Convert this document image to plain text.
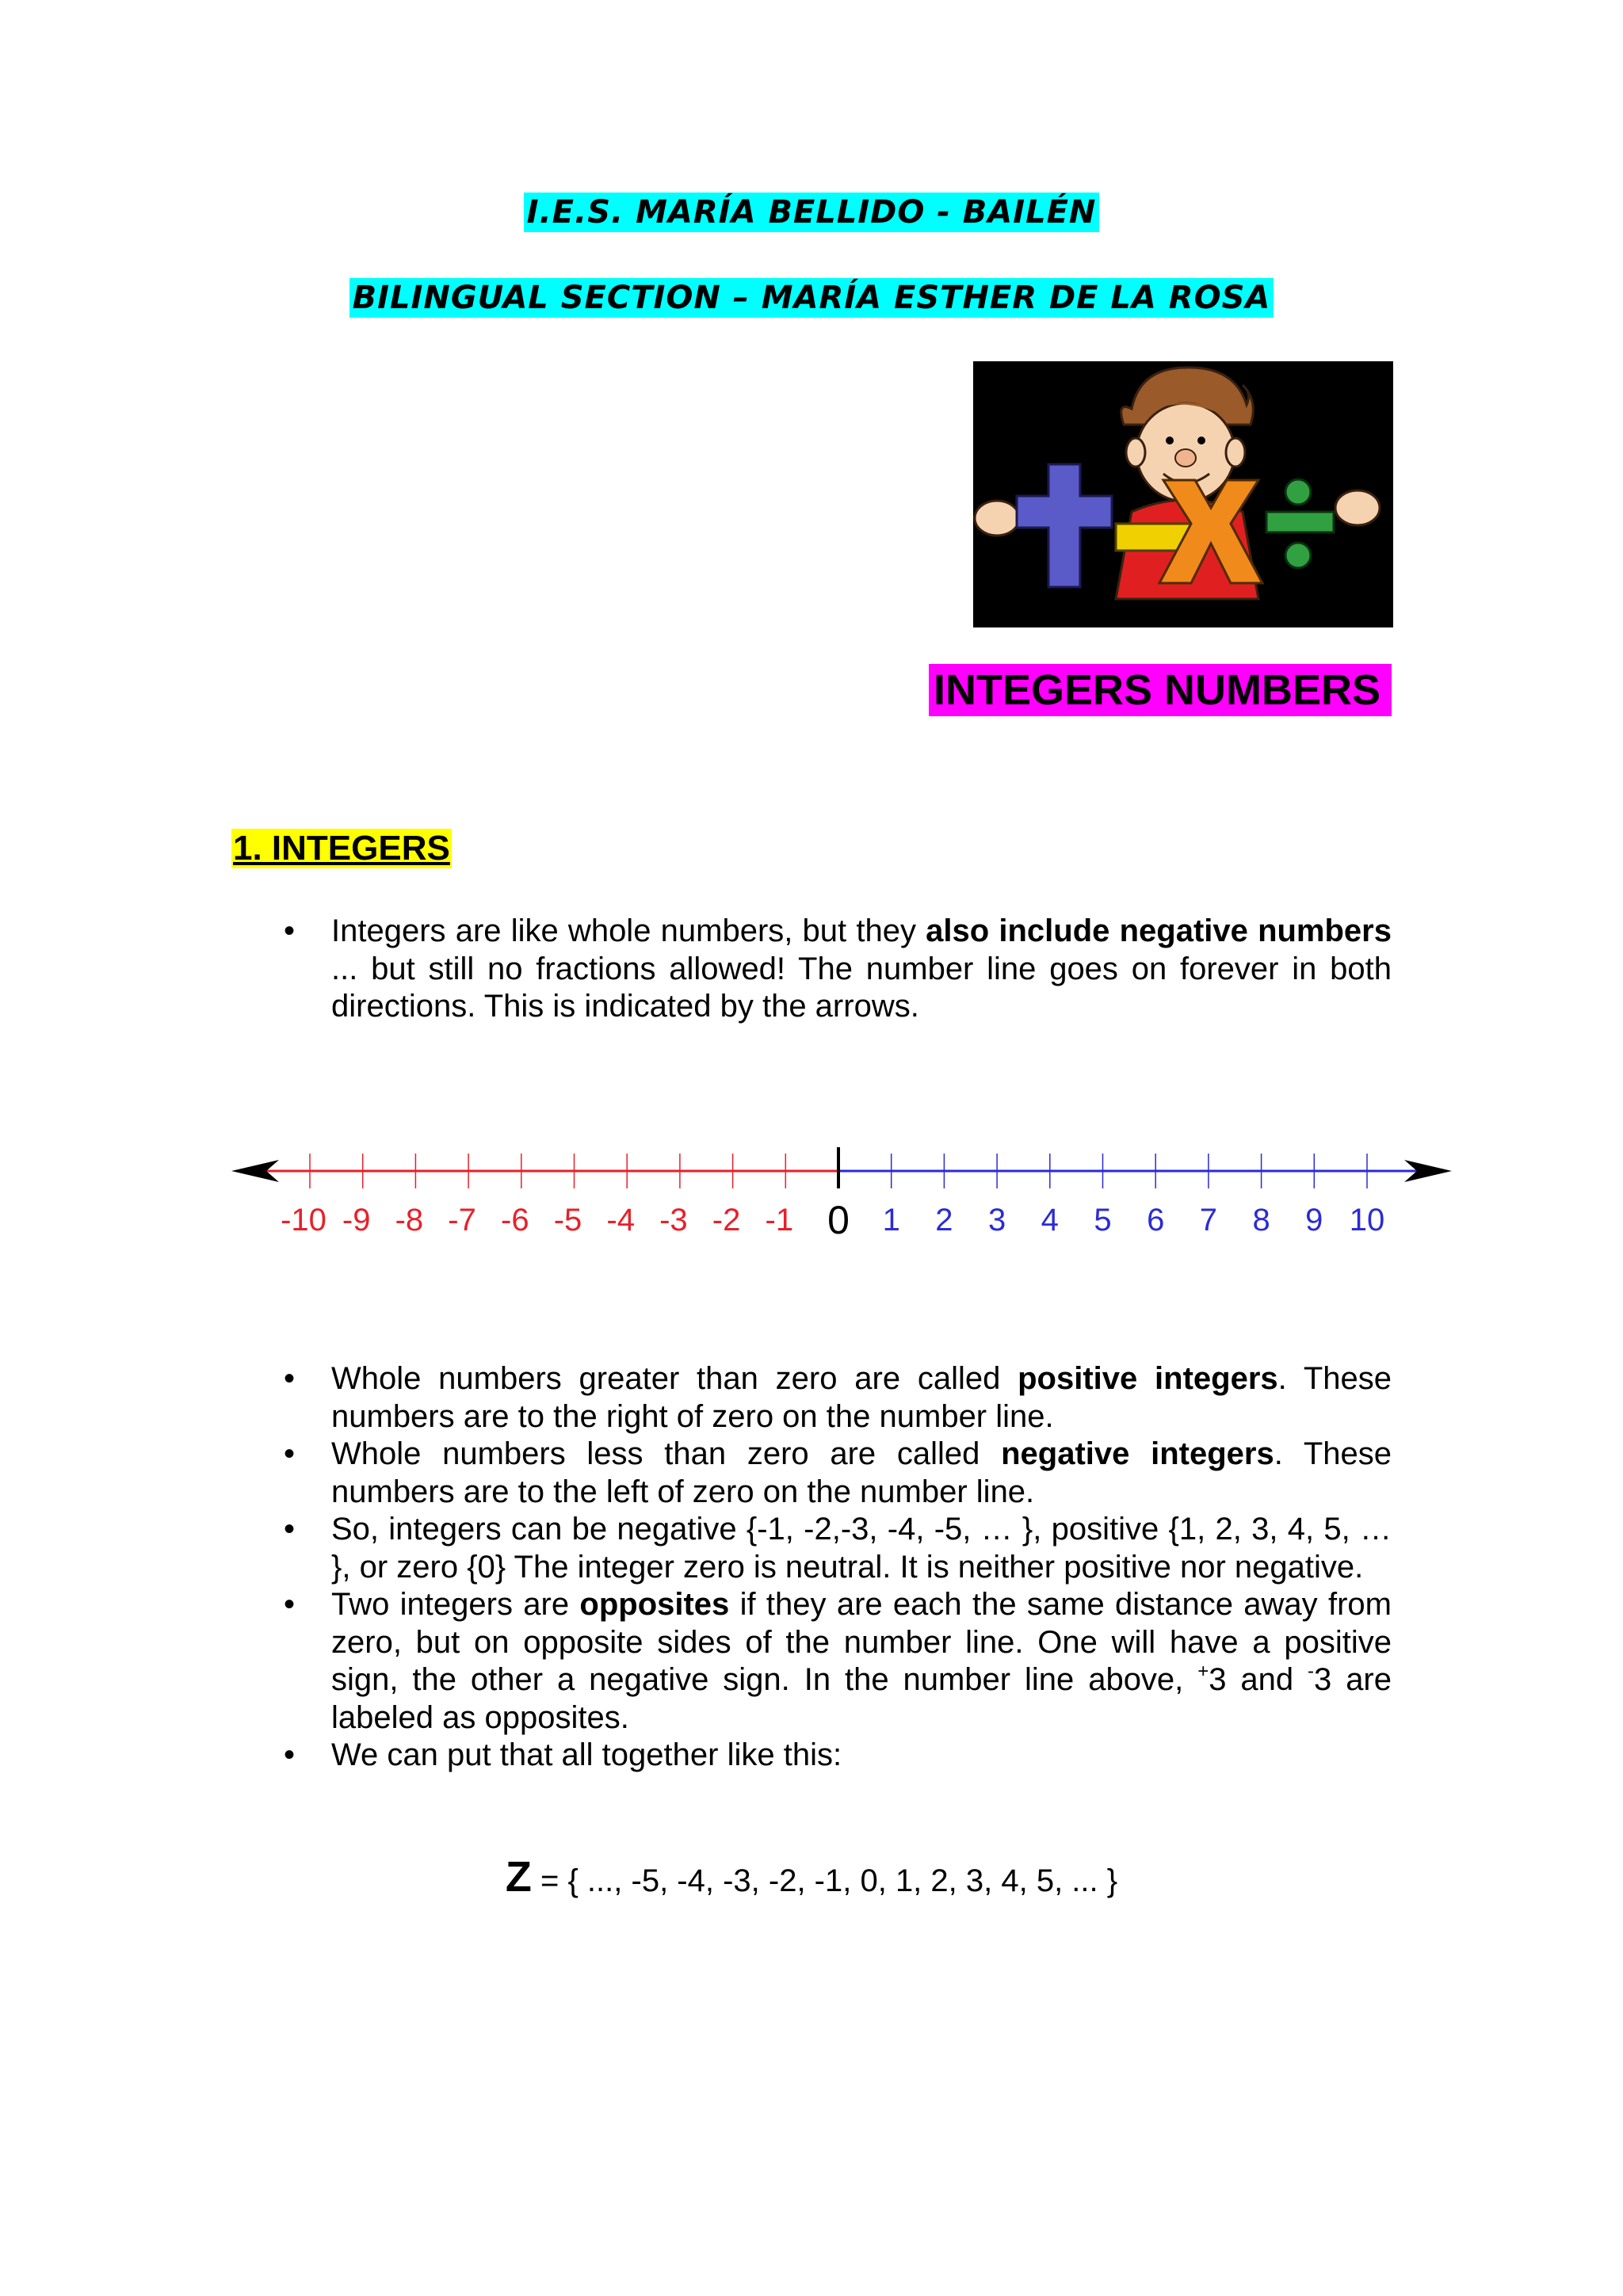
I.E.S. MARÍA BELLIDO - BAILÉN
BILINGUAL SECTION – MARÍA ESTHER DE LA ROSA
INTEGERS NUMBERS
1. INTEGERS
• Integers are like whole numbers, but they also include negative numbers ... but still no fractions allowed! The number line goes on forever in both directions. This is indicated by the arrows.
-10 -9 -8 -7 -6 -5 -4 -3 -2 -1 0 1 2 3 4 5 6 7 8 9 10
• Whole numbers greater than zero are called positive integers. These numbers are to the right of zero on the number line.
• Whole numbers less than zero are called negative integers. These numbers are to the left of zero on the number line.
• So, integers can be negative {-1, -2,-3, -4, -5, … }, positive {1, 2, 3, 4, 5, … }, or zero {0} The integer zero is neutral. It is neither positive nor negative.
• Two integers are opposites if they are each the same distance away from zero, but on opposite sides of the number line. One will have a positive sign, the other a negative sign. In the number line above, +3 and -3 are labeled as opposites.
• We can put that all together like this:
Z = { ..., -5, -4, -3, -2, -1, 0, 1, 2, 3, 4, 5, ... }
